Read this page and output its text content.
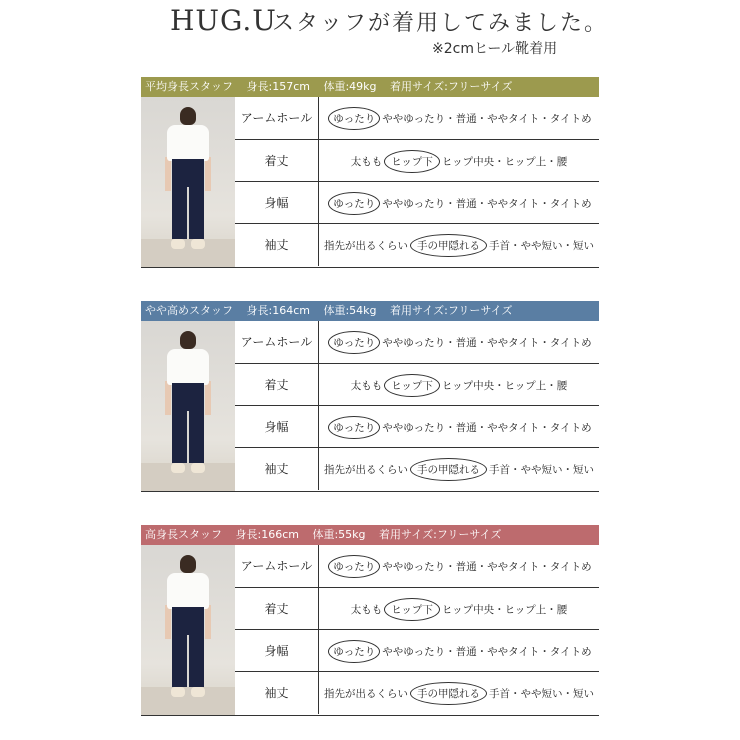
HUG.U
スタッフが着用してみました。
※2cmヒール靴着用
平均身長スタッフ 身長:157cm 体重:49kg 着用サイズ:フリーサイズ
アームホール	ゆったり ややゆったり・普通・ややタイト・タイトめ
着丈	太もも ヒップ下 ヒップ中央・ヒップ上・腰
身幅	ゆったり ややゆったり・普通・ややタイト・タイトめ
袖丈	指先が出るくらい 手の甲隠れる 手首・やや短い・短い
やや高めスタッフ 身長:164cm 体重:54kg 着用サイズ:フリーサイズ
アームホール	ゆったり ややゆったり・普通・ややタイト・タイトめ
着丈	太もも ヒップ下 ヒップ中央・ヒップ上・腰
身幅	ゆったり ややゆったり・普通・ややタイト・タイトめ
袖丈	指先が出るくらい 手の甲隠れる 手首・やや短い・短い
高身長スタッフ 身長:166cm 体重:55kg 着用サイズ:フリーサイズ
アームホール	ゆったり ややゆったり・普通・ややタイト・タイトめ
着丈	太もも ヒップ下 ヒップ中央・ヒップ上・腰
身幅	ゆったり ややゆったり・普通・ややタイト・タイトめ
袖丈	指先が出るくらい 手の甲隠れる 手首・やや短い・短い
